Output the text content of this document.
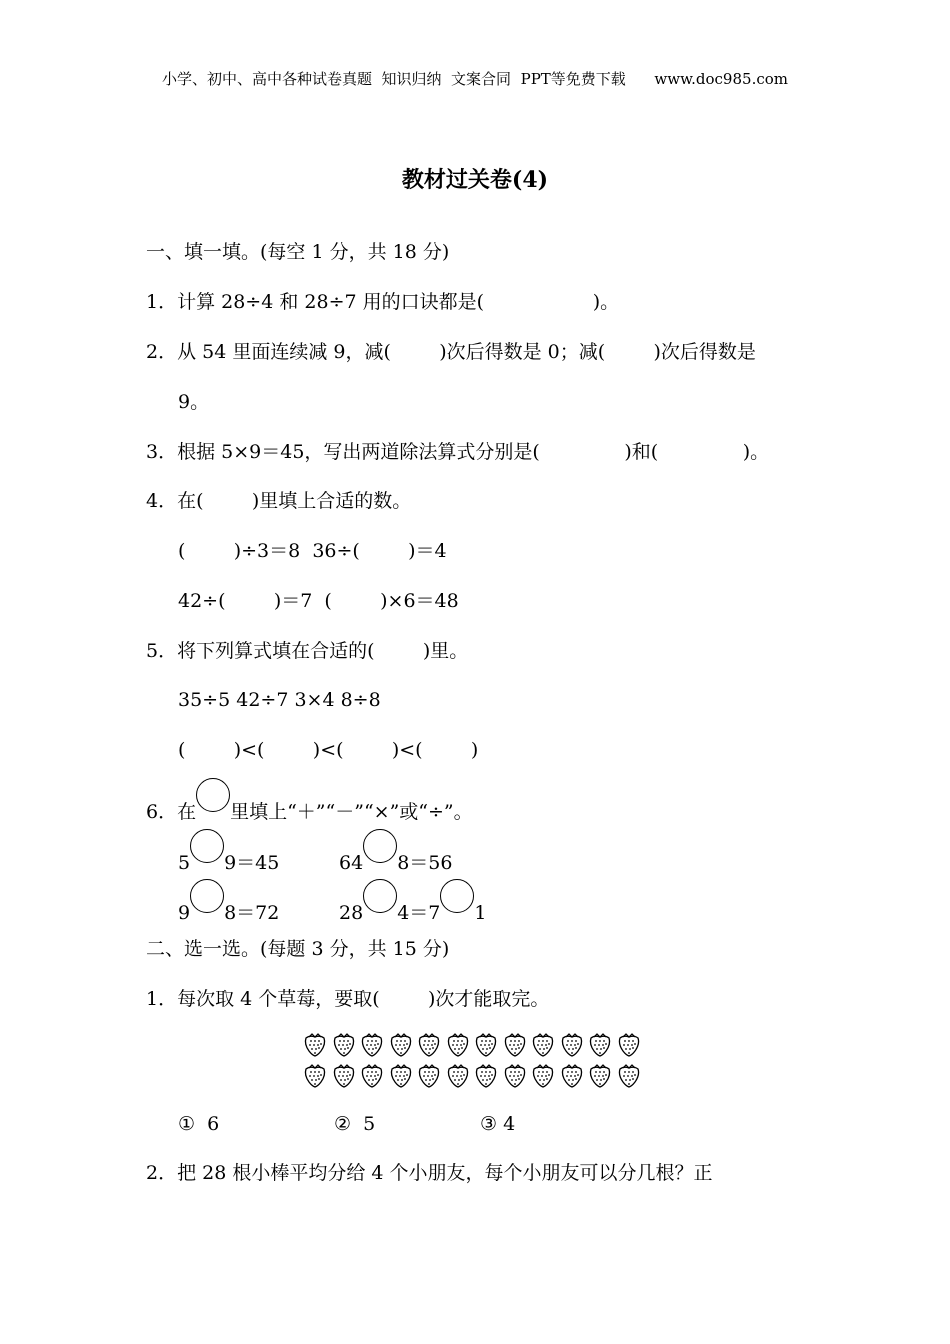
小学、初中、高中各种试卷真题  知识归纳  文案合同  PPT等免费下载      www.doc985.com
教材过关卷(4)
一、填一填。(每空 1 分，共 18 分)
1．计算 28÷4 和 28÷7 用的口诀都是(                  )。
2．从 54 里面连续减 9，减(        )次后得数是 0；减(        )次后得数是
9。
3．根据 5×9＝45，写出两道除法算式分别是(              )和(              )。
4．在(        )里填上合适的数。
(        )÷3＝8  36÷(        )＝4
42÷(        )＝7  (        )×6＝48
5．将下列算式填在合适的(        )里。
35÷5 42÷7 3×4 8÷8
(        )<(        )<(        )<(        )
6．在 里填上“＋”“－”“×”或“÷”。
5 9＝45	64 8＝56
9 8＝72	28 4＝7 1
二、选一选。(每题 3 分，共 15 分)
1．每次取 4 个草莓，要取(        )次才能取完。
①  6	②  5	③ 4
2．把 28 根小棒平均分给 4 个小朋友，每个小朋友可以分几根？正
